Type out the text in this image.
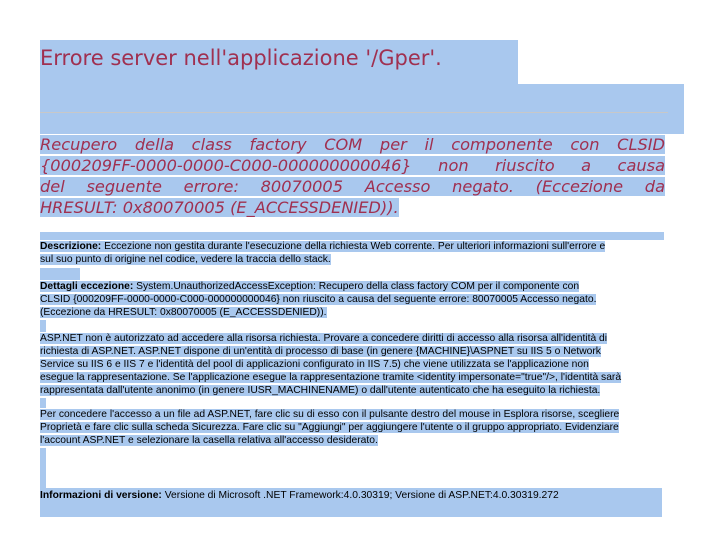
Errore server nell'applicazione '/Gper'.
Recupero della class factory COM per il componente con CLSID
{000209FF-0000-0000-C000-000000000046} non riuscito a causa
del seguente errore: 80070005 Accesso negato. (Eccezione da
HRESULT: 0x80070005 (E_ACCESSDENIED)).
Descrizione: Eccezione non gestita durante l'esecuzione della richiesta Web corrente. Per ulteriori informazioni sull'errore e
sul suo punto di origine nel codice, vedere la traccia dello stack.
Dettagli eccezione: System.UnauthorizedAccessException: Recupero della class factory COM per il componente con
CLSID {000209FF-0000-0000-C000-000000000046} non riuscito a causa del seguente errore: 80070005 Accesso negato.
(Eccezione da HRESULT: 0x80070005 (E_ACCESSDENIED)).
ASP.NET non è autorizzato ad accedere alla risorsa richiesta. Provare a concedere diritti di accesso alla risorsa all'identità di
richiesta di ASP.NET. ASP.NET dispone di un'entità di processo di base (in genere {MACHINE}\ASPNET su IIS 5 o Network
Service su IIS 6 e IIS 7 e l'identità del pool di applicazioni configurato in IIS 7.5) che viene utilizzata se l'applicazione non
esegue la rappresentazione. Se l'applicazione esegue la rappresentazione tramite <identity impersonate="true"/>, l'identità sarà
rappresentata dall'utente anonimo (in genere IUSR_MACHINENAME) o dall'utente autenticato che ha eseguito la richiesta.
Per concedere l'accesso a un file ad ASP.NET, fare clic su di esso con il pulsante destro del mouse in Esplora risorse, scegliere
Proprietà e fare clic sulla scheda Sicurezza. Fare clic su "Aggiungi" per aggiungere l'utente o il gruppo appropriato. Evidenziare
l'account ASP.NET e selezionare la casella relativa all'accesso desiderato.
Informazioni di versione: Versione di Microsoft .NET Framework:4.0.30319; Versione di ASP.NET:4.0.30319.272
